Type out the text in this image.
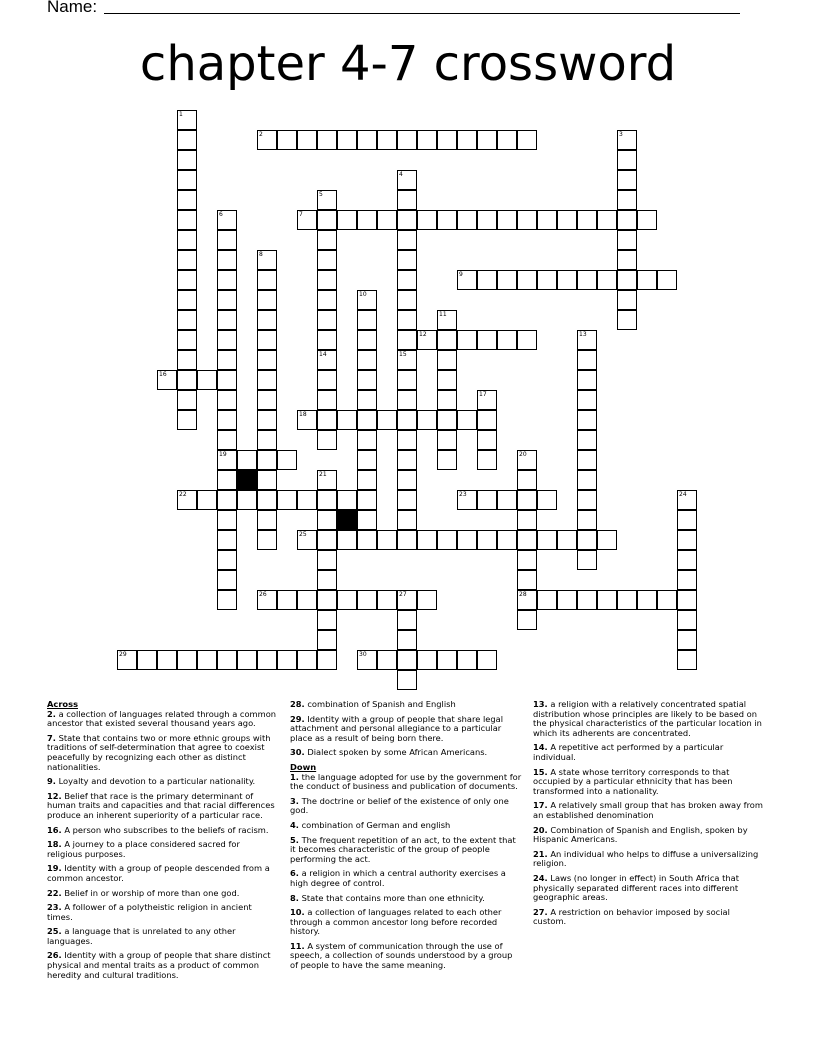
Name:
chapter 4-7 crossword
2
7
9
12
16
18
19
22	23
25
26	27	28
29	30
1
3
4
15
5
6
8
10
11
13
14
17
20
21
24

Across

2. a collection of languages related through a common ancestor that existed several thousand years ago.

7. State that contains two or more ethnic groups with traditions of self-determination that agree to coexist peacefully by recognizing each other as distinct nationalities.

9. Loyalty and devotion to a particular nationality.

12. Belief that race is the primary determinant of human traits and capacities and that racial differences produce an inherent superiority of a particular race.

16. A person who subscribes to the beliefs of racism.

18. A journey to a place considered sacred for religious purposes.

19. Identity with a group of people descended from a common ancestor.

22. Belief in or worship of more than one god.

23. A follower of a polytheistic religion in ancient times.

25. a language that is unrelated to any other languages.

26. Identity with a group of people that share distinct physical and mental traits as a product of common heredity and cultural traditions.

28. combination of Spanish and English

29. Identity with a group of people that share legal attachment and personal allegiance to a particular place as a result of being born there.

30. Dialect spoken by some African Americans.

Down

1. the language adopted for use by the government for the conduct of business and publication of documents.

3. The doctrine or belief of the existence of only one god.

4. combination of German and english

5. The frequent repetition of an act, to the extent that it becomes characteristic of the group of people performing the act.

6. a religion in which a central authority exercises a high degree of control.

8. State that contains more than one ethnicity.

10. a collection of languages related to each other through a common ancestor long before recorded history.

11. A system of communication through the use of speech, a collection of sounds understood by a group of people to have the same meaning.

13. a religion with a relatively concentrated spatial distribution whose principles are likely to be based on the physical characteristics of the particular location in which its adherents are concentrated.

14. A repetitive act performed by a particular individual.

15. A state whose territory corresponds to that occupied by a particular ethnicity that has been transformed into a nationality.

17. A relatively small group that has broken away from an established denomination

20. Combination of Spanish and English, spoken by Hispanic Americans.

21. An individual who helps to diffuse a universalizing religion.

24. Laws (no longer in effect) in South Africa that physically separated different races into different geographic areas.

27. A restriction on behavior imposed by social custom.
